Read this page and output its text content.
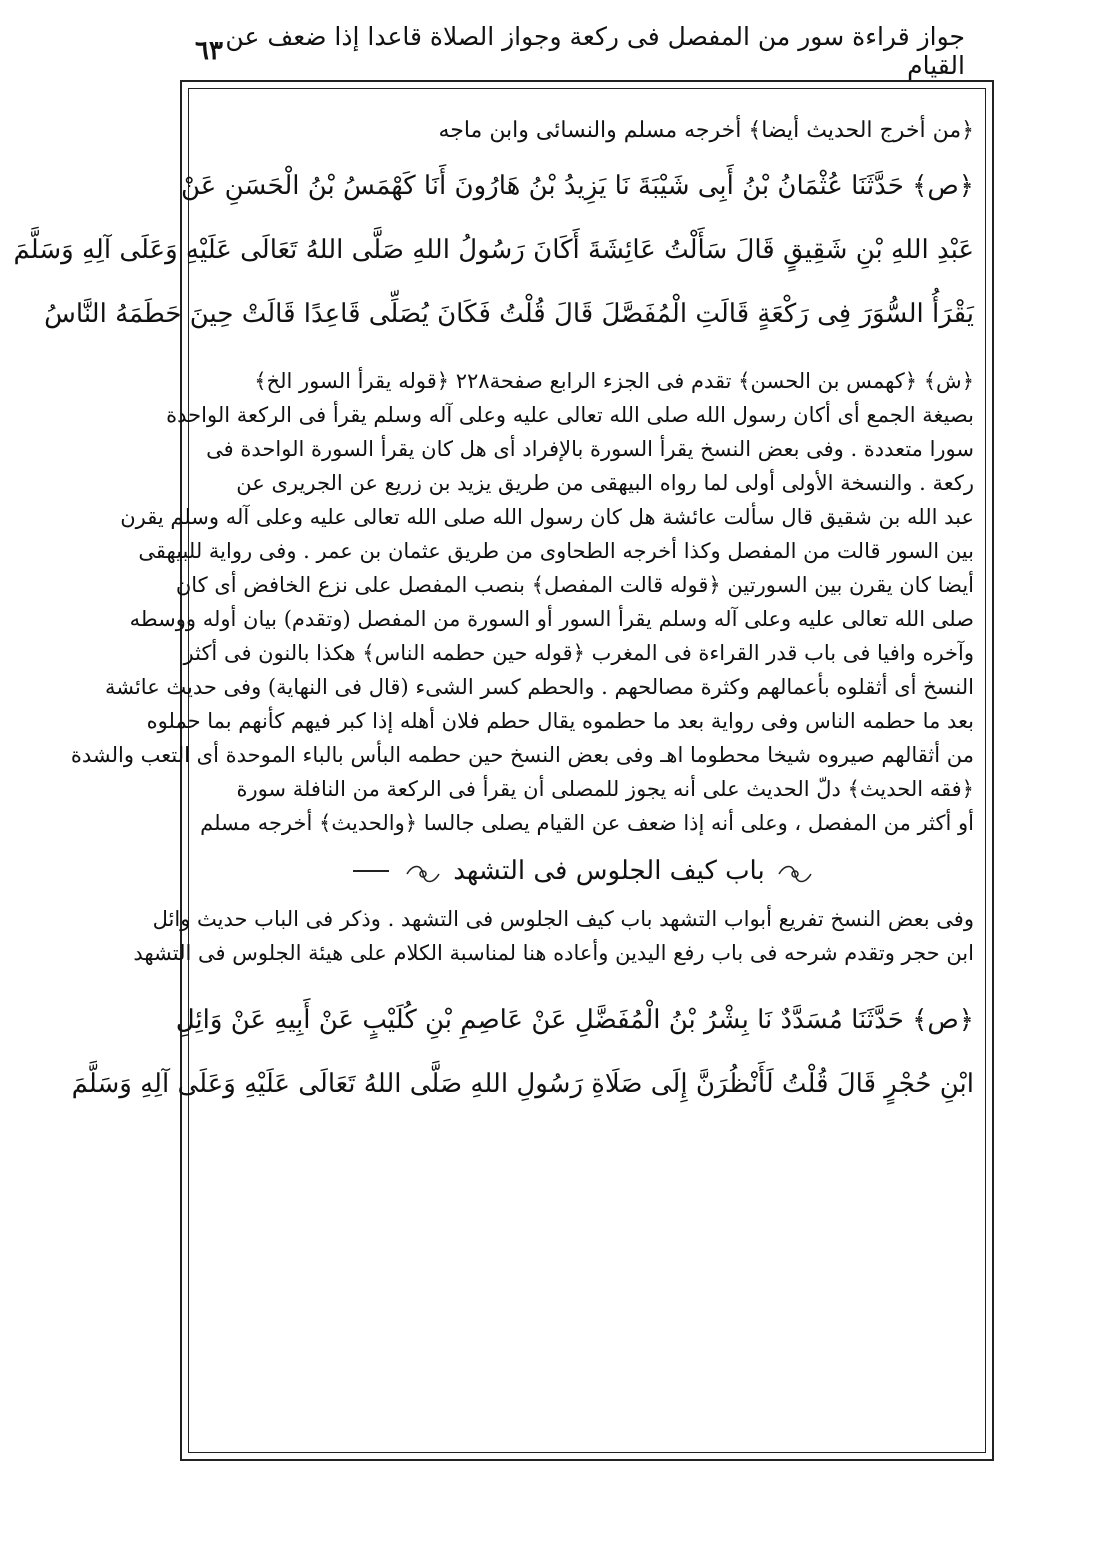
جواز قراءة سور من المفصل فى ركعة وجواز الصلاة قاعدا إذا ضعف عن القيام
٦٣
﴿من أخرج الحديث أيضا﴾ أخرجه مسلم والنسائى وابن ماجه
﴿ص﴾ حَدَّثَنَا عُثْمَانُ بْنُ أَبِى شَيْبَةَ نَا يَزِيدُ بْنُ هَارُونَ أَنَا كَهْمَسُ بْنُ الْحَسَنِ عَنْ
عَبْدِ اللهِ بْنِ شَقِيقٍ قَالَ سَأَلْتُ عَائِشَةَ أَكَانَ رَسُولُ اللهِ صَلَّى اللهُ تَعَالَى عَلَيْهِ وَعَلَى آلِهِ وَسَلَّمَ
يَقْرَأُ السُّوَرَ فِى رَكْعَةٍ قَالَتِ الْمُفَصَّلَ قَالَ قُلْتُ فَكَانَ يُصَلِّى قَاعِدًا قَالَتْ حِينَ حَطَمَهُ النَّاسُ
﴿ش﴾ ﴿كهمس بن الحسن﴾ تقدم فى الجزء الرابع صفحة٢٢٨ ﴿قوله يقرأ السور الخ﴾
بصيغة الجمع أى أكان رسول الله صلى الله تعالى عليه وعلى آله وسلم يقرأ فى الركعة الواحدة
سورا متعددة . وفى بعض النسخ يقرأ السورة بالإفراد أى هل كان يقرأ السورة الواحدة فى
ركعة . والنسخة الأولى أولى لما رواه البيهقى من طريق يزيد بن زريع عن الجريرى عن
عبد الله بن شقيق قال سألت عائشة هل كان رسول الله صلى الله تعالى عليه وعلى آله وسلم يقرن
بين السور قالت من المفصل وكذا أخرجه الطحاوى من طريق عثمان بن عمر . وفى رواية للبيهقى
أيضا كان يقرن بين السورتين ﴿قوله قالت المفصل﴾ بنصب المفصل على نزع الخافض أى كان
صلى الله تعالى عليه وعلى آله وسلم يقرأ السور أو السورة من المفصل (وتقدم) بيان أوله ووسطه
وآخره وافيا فى باب قدر القراءة فى المغرب ﴿قوله حين حطمه الناس﴾ هكذا بالنون فى أكثر
النسخ أى أثقلوه بأعمالهم وكثرة مصالحهم . والحطم كسر الشىء (قال فى النهاية) وفى حديث عائشة
بعد ما حطمه الناس وفى رواية بعد ما حطموه يقال حطم فلان أهله إذا كبر فيهم كأنهم بما حملوه
من أثقالهم صيروه شيخا محطوما اهـ وفى بعض النسخ حين حطمه البأس بالباء الموحدة أى التعب والشدة
﴿فقه الحديث﴾ دلّ الحديث على أنه يجوز للمصلى أن يقرأ فى الركعة من النافلة سورة
أو أكثر من المفصل ، وعلى أنه إذا ضعف عن القيام يصلى جالسا ﴿والحديث﴾ أخرجه مسلم
باب كيف الجلوس فى التشهد
وفى بعض النسخ تفريع أبواب التشهد باب كيف الجلوس فى التشهد . وذكر فى الباب حديث وائل
ابن حجر وتقدم شرحه فى باب رفع اليدين وأعاده هنا لمناسبة الكلام على هيئة الجلوس فى التشهد
﴿ص﴾ حَدَّثَنَا مُسَدَّدٌ نَا بِشْرُ بْنُ الْمُفَضَّلِ عَنْ عَاصِمِ بْنِ كُلَيْبٍ عَنْ أَبِيهِ عَنْ وَائِلِ
ابْنِ حُجْرٍ قَالَ قُلْتُ لَأَنْظُرَنَّ إِلَى صَلَاةِ رَسُولِ اللهِ صَلَّى اللهُ تَعَالَى عَلَيْهِ وَعَلَى آلِهِ وَسَلَّمَ
